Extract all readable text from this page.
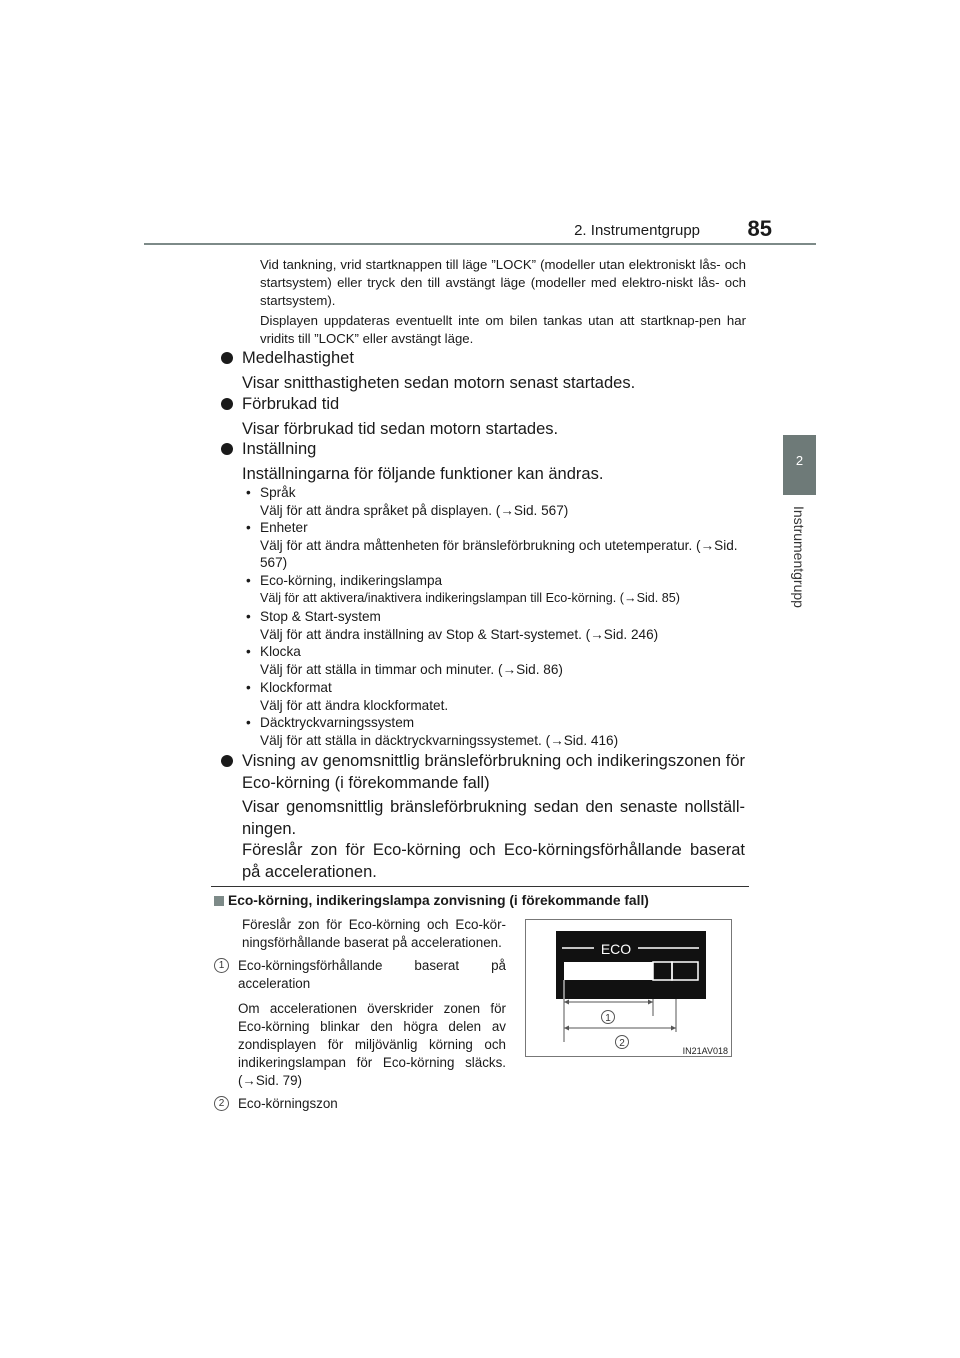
2. Instrumentgrupp	85
2
Instrumentgrupp
Vid tankning, vrid startknappen till läge ”LOCK” (modeller utan elektroniskt lås- och startsystem) eller tryck den till avstängt läge (modeller med elektro-niskt lås- och startsystem).
Displayen uppdateras eventuellt inte om bilen tankas utan att startknap-pen har vridits till ”LOCK” eller avstängt läge.
Medelhastighet
Visar snitthastigheten sedan motorn senast startades.
Förbrukad tid
Visar förbrukad tid sedan motorn startades.
Inställning
Inställningarna för följande funktioner kan ändras.
• Språk
Välj för att ändra språket på displayen. (→Sid. 567)
• Enheter
Välj för att ändra måttenheten för bränsleförbrukning och utetemperatur. (→Sid. 567)
• Eco-körning, indikeringslampa
Välj för att aktivera/inaktivera indikeringslampan till Eco-körning. (→Sid. 85)
• Stop & Start-system
Välj för att ändra inställning av Stop & Start-systemet. (→Sid. 246)
• Klocka
Välj för att ställa in timmar och minuter. (→Sid. 86)
• Klockformat
Välj för att ändra klockformatet.
• Däcktryckvarningssystem
Välj för att ställa in däcktryckvarningssystemet. (→Sid. 416)
Visning av genomsnittlig bränsleförbrukning och indikeringszonen för Eco-körning (i förekommande fall)
Visar genomsnittlig bränsleförbrukning sedan den senaste nollställ-ningen.
Föreslår zon för Eco-körning och Eco-körningsförhållande baserat på accelerationen.
Eco-körning, indikeringslampa zonvisning (i förekommande fall)
Föreslår zon för Eco-körning och Eco-kör-ningsförhållande baserat på accelerationen.
1	Eco-körningsförhållande baserat på acceleration
Om accelerationen överskrider zonen för Eco-körning blinkar den högra delen av zondisplayen för miljövänlig körning och indikeringslampan för Eco-körning släcks. (→Sid. 79)
2	Eco-körningszon
ECO
1
2
IN21AV018
